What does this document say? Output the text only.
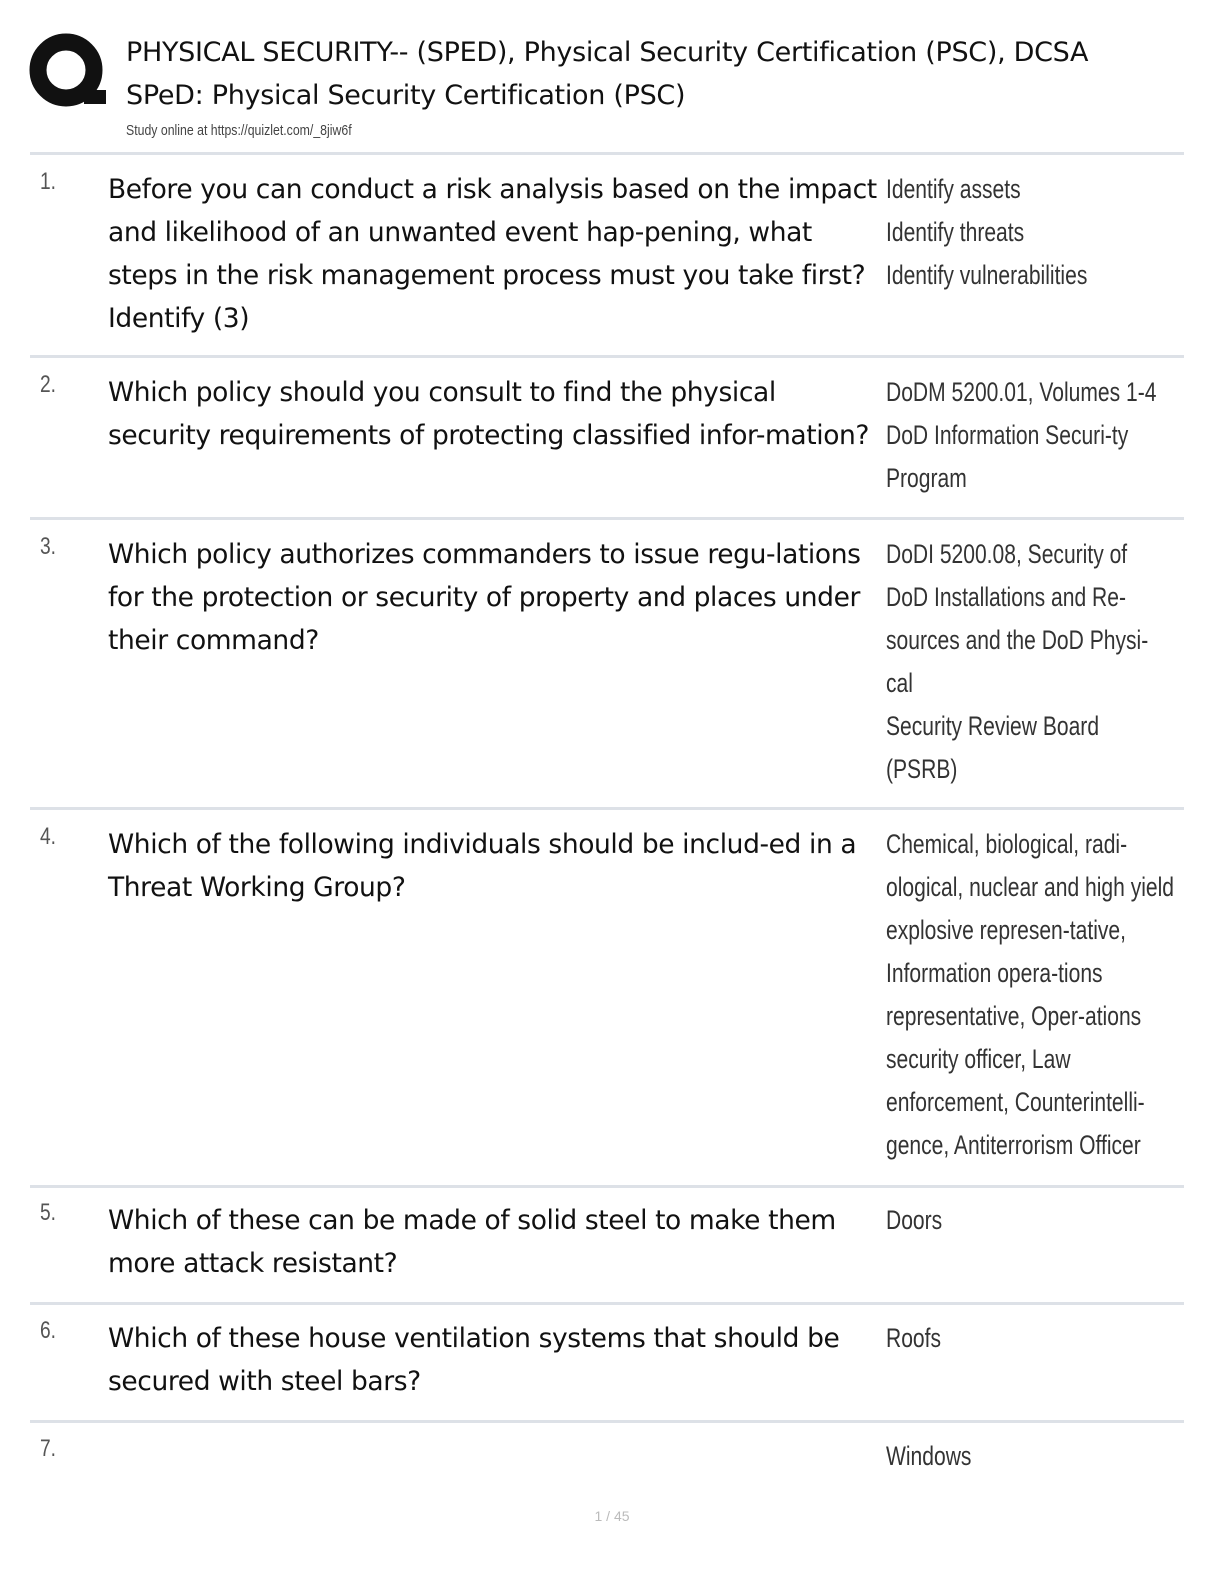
PHYSICAL SECURITY-- (SPED), Physical Security Certification (PSC), DCSA
SPeD: Physical Security Certification (PSC)
Study online at https://quizlet.com/_8jiw6f
1. Before you can conduct a risk analysis based on the impact and likelihood of an unwanted event hap-pening, what steps in the risk management process must you take first? Identify (3)
Identify assets
Identify threats
Identify vulnerabilities
2. Which policy should you consult to find the physical security requirements of protecting classified infor-mation?
DoDM 5200.01, Volumes 1-4 DoD Information Securi-ty Program
3. Which policy authorizes commanders to issue regu-lations for the protection or security of property and places under their command?
DoDI 5200.08, Security of DoD Installations and Re-sources and the DoD Physi-cal
Security Review Board (PSRB)
4. Which of the following individuals should be includ-ed in a Threat Working Group?
Chemical, biological, radi-ological, nuclear and high yield explosive represen-tative, Information opera-tions representative, Oper-ations security officer, Law enforcement, Counterintelli-gence, Antiterrorism Officer
5. Which of these can be made of solid steel to make them more attack resistant?
Doors
6. Which of these house ventilation systems that should be secured with steel bars?
Roofs
7.	Windows
1 / 45
